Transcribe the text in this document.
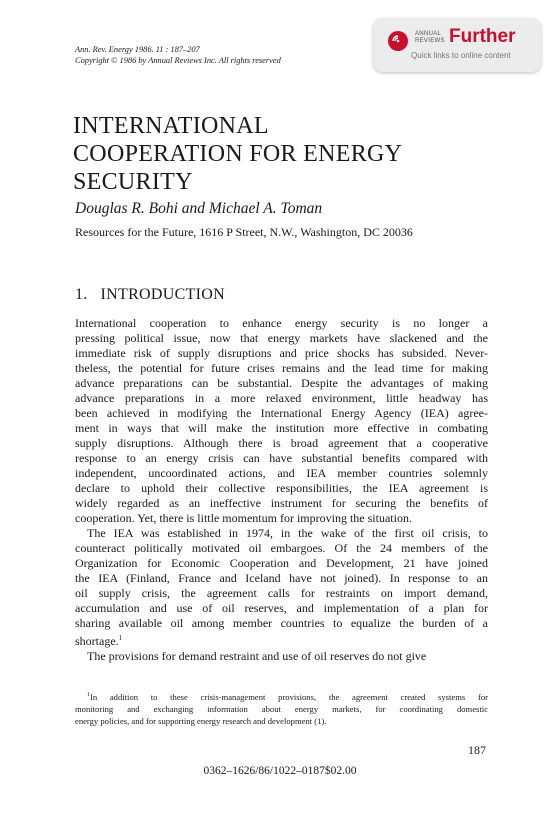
Ann. Rev. Energy 1986. 11 : 187–207
Copyright © 1986 by Annual Reviews Inc. All rights reserved
ANNUAL
REVIEWS Further
Quick links to online content
INTERNATIONAL
COOPERATION FOR ENERGY
SECURITY
Douglas R. Bohi and Michael A. Toman
Resources for the Future, 1616 P Street, N.W., Washington, DC 20036
1. INTRODUCTION
International cooperation to enhance energy security is no longer a
pressing political issue, now that energy markets have slackened and the
immediate risk of supply disruptions and price shocks has subsided. Never-
theless, the potential for future crises remains and the lead time for making
advance preparations can be substantial. Despite the advantages of making
advance preparations in a more relaxed environment, little headway has
been achieved in modifying the International Energy Agency (IEA) agree-
ment in ways that will make the institution more effective in combating
supply disruptions. Although there is broad agreement that a cooperative
response to an energy crisis can have substantial benefits compared with
independent, uncoordinated actions, and IEA member countries solemnly
declare to uphold their collective responsibilities, the IEA agreement is
widely regarded as an ineffective instrument for securing the benefits of
cooperation. Yet, there is little momentum for improving the situation.
The IEA was established in 1974, in the wake of the first oil crisis, to
counteract politically motivated oil embargoes. Of the 24 members of the
Organization for Economic Cooperation and Development, 21 have joined
the IEA (Finland, France and Iceland have not joined). In response to an
oil supply crisis, the agreement calls for restraints on import demand,
accumulation and use of oil reserves, and implementation of a plan for
sharing available oil among member countries to equalize the burden of a
shortage.$^1$
The provisions for demand restraint and use of oil reserves do not give
$^1$In addition to these crisis-management provisions, the agreement created systems for
monitoring and exchanging information about energy markets, for coordinating domestic
energy policies, and for supporting energy research and development (1).
187
0362–1626/86/1022–0187$02.00
